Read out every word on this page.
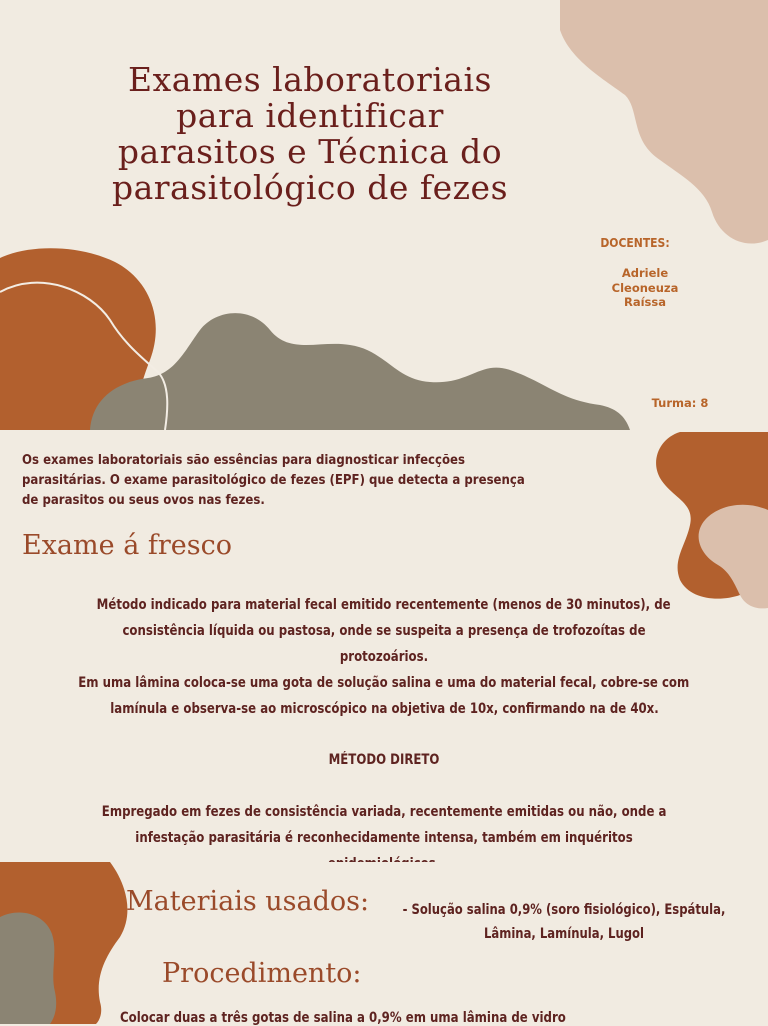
Exames laboratoriais
para identificar
parasitos e Técnica do
parasitológico de fezes
DOCENTES:
Adriele
Cleoneuza
Raíssa
Turma: 8
Os exames laboratoriais são essências para diagnosticar infecções
parasitárias. O exame parasitológico de fezes (EPF) que detecta a presença
de parasitos ou seus ovos nas fezes.
Exame á fresco
Método indicado para material fecal emitido recentemente (menos de 30 minutos), de
consistência líquida ou pastosa, onde se suspeita a presença de trofozoítas de protozoários.
Em uma lâmina coloca-se uma gota de solução salina e uma do material fecal, cobre-se com
lamínula e observa-se ao microscópico na objetiva de 10x, confirmando na de 40x.
MÉTODO DIRETO
Empregado em fezes de consistência variada, recentemente emitidas ou não, onde a
infestação parasitária é reconhecidamente intensa, também em inquéritos
Materiais usados:	- Solução salina 0,9% (soro fisiológico), Espátula,
Lâmina, Lamínula, Lugol
Procedimento:
Colocar duas a três gotas de salina a 0,9% em uma lâmina de vidro
